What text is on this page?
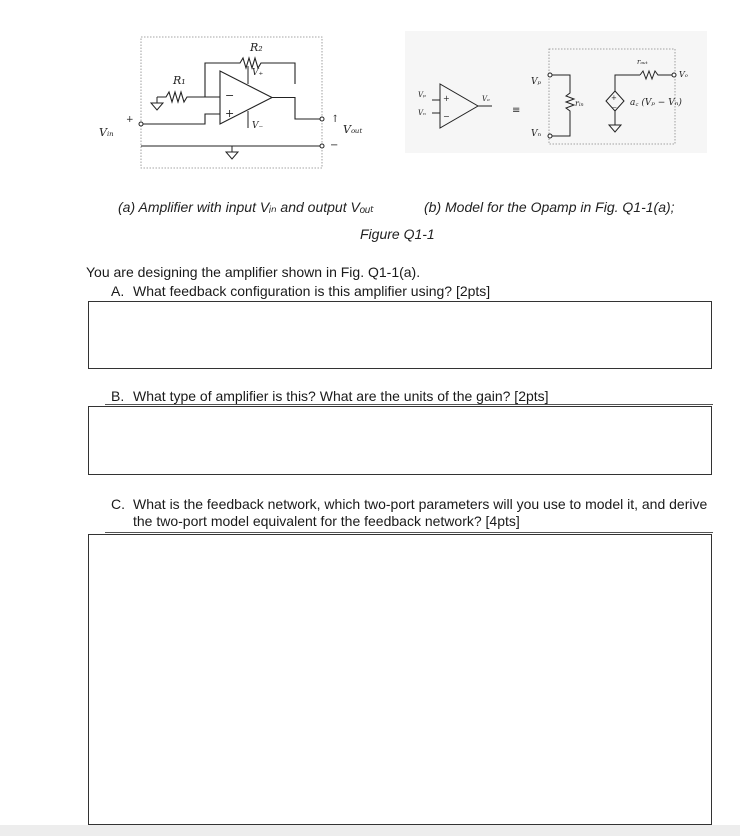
R₂
−
+
V₊
V₋
R₁
+
Vᵢₙ
↑
Vₒᵤₜ
−
Vₚ
Vₙ
+
−
Vₒ
≡
Vₚ
Vₙ
rᵢₙ
rₒᵤₜ
Vₒ
+
− a꜀ (Vₚ − Vₙ)
(a) Amplifier with input Vᵢₙ and output Vₒᵤₜ	(b) Model for the Opamp in Fig. Q1-1(a);
Figure Q1-1
You are designing the amplifier shown in Fig. Q1-1(a).
A. What feedback configuration is this amplifier using? [2pts]
B. What type of amplifier is this? What are the units of the gain? [2pts]
C. What is the feedback network, which two-port parameters will you use to model it, and derive the two-port model equivalent for the feedback network? [4pts]
